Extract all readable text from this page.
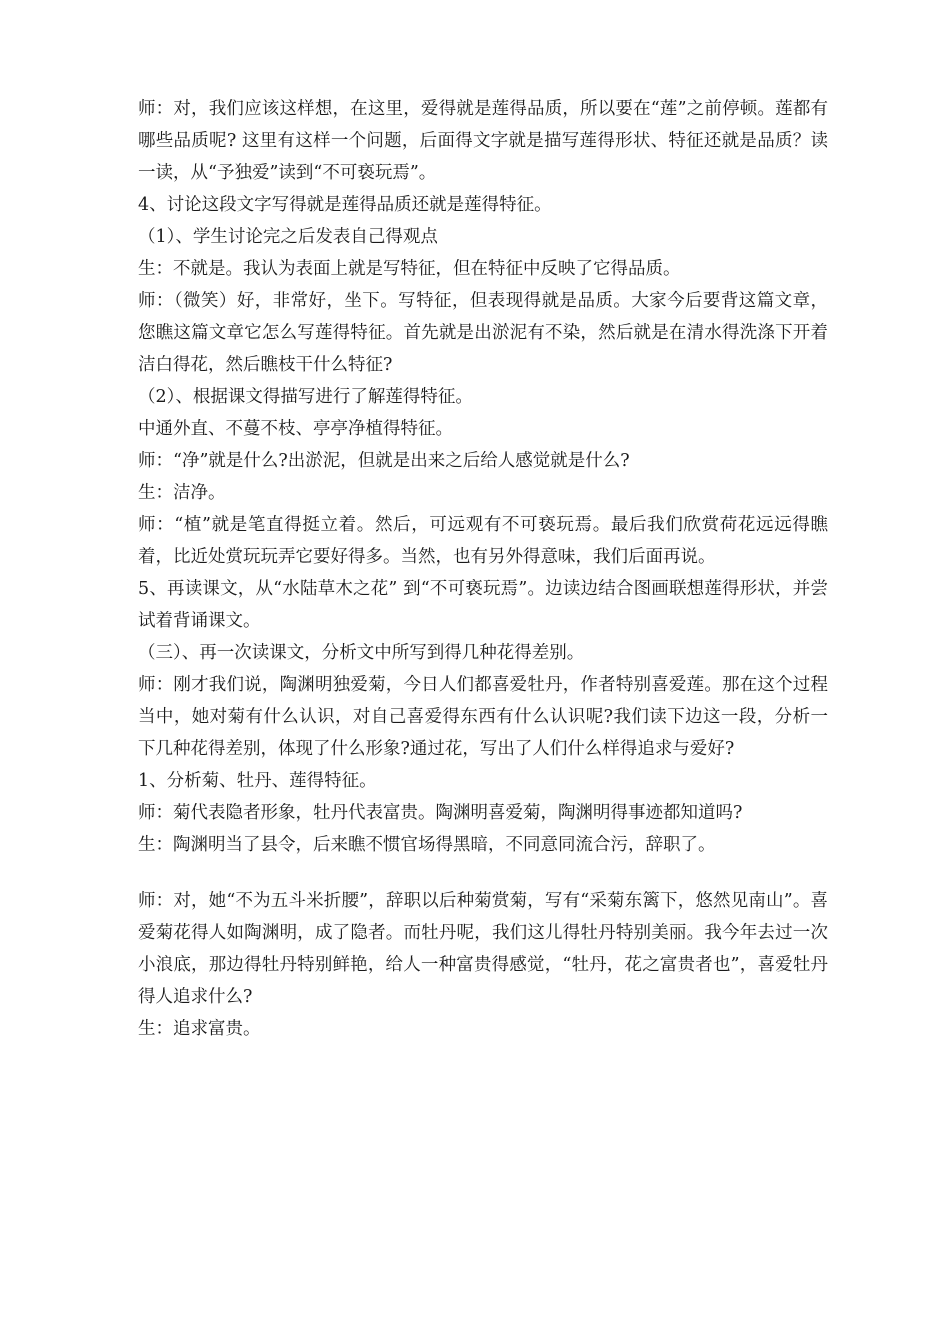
师：对，我们应该这样想，在这里，爱得就是莲得品质，所以要在“莲”之前停顿。莲都有哪些品质呢? 这里有这样一个问题，后面得文字就是描写莲得形状、特征还就是品质？读一读，从“予独爱”读到“不可亵玩焉”。

4、讨论这段文字写得就是莲得品质还就是莲得特征。

（1）、学生讨论完之后发表自己得观点

生：不就是。我认为表面上就是写特征，但在特征中反映了它得品质。

师：（微笑）好，非常好，坐下。写特征，但表现得就是品质。大家今后要背这篇文章，您瞧这篇文章它怎么写莲得特征。首先就是出淤泥有不染，然后就是在清水得洗涤下开着洁白得花，然后瞧枝干什么特征?

（2）、根据课文得描写进行了解莲得特征。

中通外直、不蔓不枝、亭亭净植得特征。

师：“净”就是什么?出淤泥，但就是出来之后给人感觉就是什么?

生：洁净。

师：“植”就是笔直得挺立着。然后，可远观有不可亵玩焉。最后我们欣赏荷花远远得瞧着，比近处赏玩玩弄它要好得多。当然，也有另外得意味，我们后面再说。

5、再读课文，从“水陆草木之花” 到“不可亵玩焉”。边读边结合图画联想莲得形状，并尝试着背诵课文。

（三）、再一次读课文，分析文中所写到得几种花得差别。

师：刚才我们说，陶渊明独爱菊，今日人们都喜爱牡丹，作者特别喜爱莲。那在这个过程当中，她对菊有什么认识，对自己喜爱得东西有什么认识呢?我们读下边这一段，分析一下几种花得差别，体现了什么形象?通过花，写出了人们什么样得追求与爱好?

1、分析菊、牡丹、莲得特征。

师：菊代表隐者形象，牡丹代表富贵。陶渊明喜爱菊，陶渊明得事迹都知道吗?

生：陶渊明当了县令，后来瞧不惯官场得黑暗，不同意同流合污，辞职了。

师：对，她“不为五斗米折腰”，辞职以后种菊赏菊，写有“采菊东篱下，悠然见南山”。喜爱菊花得人如陶渊明，成了隐者。而牡丹呢，我们这儿得牡丹特别美丽。我今年去过一次小浪底，那边得牡丹特别鲜艳，给人一种富贵得感觉，“牡丹，花之富贵者也”，喜爱牡丹得人追求什么?

生：追求富贵。
